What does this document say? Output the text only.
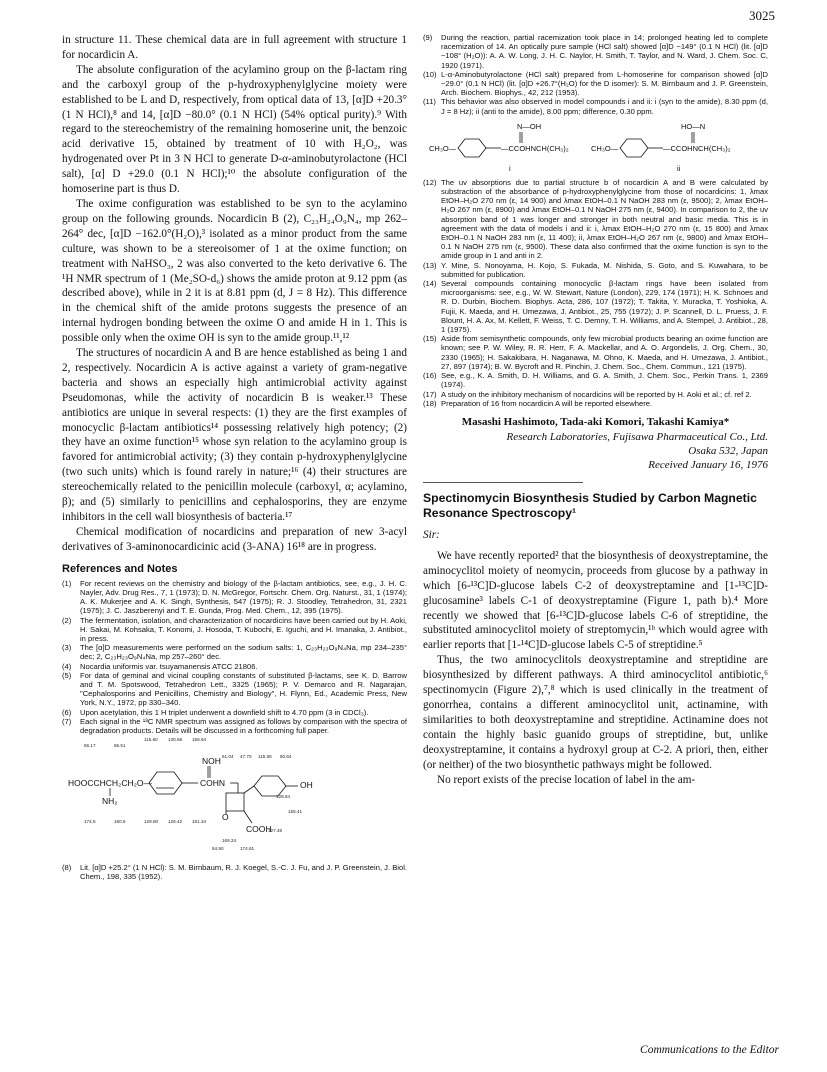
3025

in structure 11. These chemical data are in full agreement with structure 1 for nocardicin A.

The absolute configuration of the acylamino group on the β-lactam ring and the carboxyl group of the p-hydroxyphenylglycine moiety were established to be L and D, respectively, from optical data of 13, [α]D +20.3° (1 N HCl),⁸ and 14, [α]D −80.0° (0.1 N HCl) (54% optical purity).⁹ With regard to the stereochemistry of the remaining homoserine unit, the benzoic acid derivative 15, obtained by treatment of 10 with H₂O₂, was hydrogenated over Pt in 3 N HCl to generate D-α-aminobutyrolactone (HCl salt), [α] D +29.0 (0.1 N HCl);¹⁰ the absolute configuration of the homoserine part is thus D.

The oxime configuration was established to be syn to the acylamino group on the following grounds. Nocardicin B (2), C₂₃H₂₄O₉N₄, mp 262–264° dec, [α]D −162.0°(H₂O),³ isolated as a minor product from the same culture, was shown to be a stereoisomer of 1 at the oxime function; on treatment with NaHSO₃, 2 was also converted to the keto derivative 6. The ¹H NMR spectrum of 1 (Me₂SO-d₆) shows the amide proton at 9.12 ppm (as described above), while in 2 it is at 8.81 ppm (d, J = 8 Hz). This difference in the chemical shift of the amide protons suggests the presence of an internal hydrogen bonding between the oxime O and amide H in 1. This is possible only when the oxime OH is syn to the amide group.¹¹,¹²

The structures of nocardicin A and B are hence established as being 1 and 2, respectively. Nocardicin A is active against a variety of gram-negative bacteria and shows an especially high antimicrobial activity against Pseudomonas, while the activity of nocardicin B is weaker.¹³ These antibiotics are unique in several respects: (1) they are the first examples of monocyclic β-lactam antibiotics¹⁴ possessing relatively high potency; (2) they have an oxime function¹⁵ whose syn relation to the acylamino group is favored for antimicrobial activity; (3) they contain p-hydroxyphenylglycine (two such units) which is found rarely in nature;¹⁶ (4) their structures are stereochemically related to the penicillin molecule (carboxyl, α; acylamino, β); and (5) similarly to penicillins and cephalosporins, they are enzyme inhibitors in the cell wall biosynthesis of bacteria.¹⁷

Chemical modification of nocardicins and preparation of new 3-acyl derivatives of 3-aminonocardicinic acid (3-ANA) 16¹⁸ are in progress.

References and Notes
(1)	For recent reviews on the chemistry and biology of the β-lactam antibiotics, see, e.g., J. H. C. Nayler, Adv. Drug Res., 7, 1 (1973); D. N. McGregor, Fortschr. Chem. Org. Naturst., 31, 1 (1974); A. K. Mukerjee and A. K. Singh, Synthesis, 547 (1975); R. J. Stoodley, Tetrahedron, 31, 2321 (1975); J. C. Jaszberenyi and T. E. Gunda, Prog. Med. Chem., 12, 395 (1975).
(2)	The fermentation, isolation, and characterization of nocardicins have been carried out by H. Aoki, H. Sakai, M. Kohsaka, T. Konomi, J. Hosoda, T. Kubochi, E. Iguchi, and H. Imanaka, J. Antibiot., in press.
(3)	The [α]D measurements were performed on the sodium salts: 1, C₂₃H₂₃O₉N₄Na, mp 234–235° dec; 2, C₂₃H₂₃O₉N₄Na, mp 257–260° dec.
(4)	Nocardia uniformis var. tsuyamanensis ATCC 21806.
(5)	For data of geminal and vicinal coupling constants of substituted β-lactams, see K. D. Barrow and T. M. Spotswood, Tetrahedron Lett., 3325 (1965); P. V. Demarco and R. Nagarajan, "Cephalosporins and Penicillins, Chemistry and Biology", H. Flynn, Ed., Academic Press, New York, N.Y., 1972, pp 330–340.
(6)	Upon acetylation, this 1 H triplet underwent a downfield shift to 4.70 ppm (3 in CDCl₃).
(7)	Each signal in the ¹³C NMR spectrum was assigned as follows by comparison with the spectra of degradation products. Details will be discussed in a forthcoming full paper.
56.17	65.51
115.60 130.68 156.94
61.04 47.70 115.06 60.64
174.5	160.5	129.80 126.42 161.34
128.64
155.41
169.24
127.46
54.90	174.61
HOOCCHCH₂CH₂O—
NH₂
NOH
COHN	OH
O
COOH
(8)	Lit. [α]D +25.2° (1 N HCl): S. M. Birnbaum, R. J. Koegel, S.-C. J. Fu, and J. P. Greenstein, J. Biol. Chem., 198, 335 (1952).
(9)	During the reaction, partial racemization took place in 14; prolonged heating led to complete racemization of 14. An optically pure sample (HCl salt) showed [α]D −149° (0.1 N HCl) (lit. [α]D −108° (H₂O)): A. A. W. Long, J. H. C. Naylor, H. Smith, T. Taylor, and N. Ward, J. Chem. Soc. C, 1920 (1971).
(10) L-α-Aminobutyrolactone (HCl salt) prepared from L-homoserine for comparison showed [α]D −29.0° (0.1 N HCl) (lit. [α]D +26.7°(H₂O) for the D isomer): S. M. Birnbaum and J. P. Greenstein, Arch. Biochem. Biophys., 42, 212 (1953).
(11) This behavior was also observed in model compounds i and ii: i (syn to the amide), 8.30 ppm (d, J = 8 Hz); ii (anti to the amide), 8.00 ppm; difference, 0.30 ppm.
N—OH
CH₃O—	—CCOHNCH(CH₃)₂
i
HO—N
CH₃O—	—CCOHNCH(CH₃)₂
ii
(12) The uv absorptions due to partial structure b of nocardicin A and B were calculated by substraction of the absorbance of p-hydroxyphenylglycine from those of nocardicins: 1, λmax EtOH–H₂O 270 nm (ε, 14 900) and λmax EtOH–0.1 N NaOH 283 nm (ε, 9500); 2, λmax EtOH–H₂O 267 nm (ε, 8900) and λmax EtOH–0.1 N NaOH 275 nm (ε, 9400). In comparison to 2, the uv absorption band of 1 was longer and stronger in both neutral and basic media. This is in agreement with the data of models i and ii: i, λmax EtOH–H₂O 270 nm (ε, 15 800) and λmax EtOH–0.1 N NaOH 283 nm (ε, 11 400); ii, λmax EtOH–H₂O 267 nm (ε, 9800) and λmax EtOH–0.1 N NaOH 275 nm (ε, 9500). These data also confirmed that the oxime function is syn to the amide group in 1 and anti in 2.
(13) Y. Mine, S. Nonoyama, H. Kojo, S. Fukada, M. Nishida, S. Goto, and S. Kuwahara, to be submitted for publication.
(14) Several compounds containing monocyclic β-lactam rings have been isolated from microorganisms: see, e.g., W. W. Stewart, Nature (London), 229, 174 (1971); H. K. Schnoes and R. D. Durbin, Biochem. Biophys. Acta, 286, 107 (1972); T. Takita, Y. Muracka, T. Yoshioka, A. Fujii, K. Maeda, and H. Umezawa, J. Antibiot., 25, 755 (1972); J. P. Scannell, D. L. Pruess, J. F. Blount, H. A. Ax, M. Kellett, F. Weiss, T. C. Demny, T. H. Williams, and A. Stempel, J. Antibiot., 28, 1 (1975).
(15) Aside from semisynthetic compounds, only few microbial products bearing an oxime function are known; see P. W. Wiley, R. R. Herr, F. A. Mackellar, and A. O. Argondelis, J. Org. Chem., 30, 2330 (1965); H. Sakakibara, H. Naganawa, M. Ohno, K. Maeda, and H. Umezawa, J. Antibiot., 27, 897 (1974); B. W. Bycroft and R. Pinchin, J. Chem. Soc., Chem. Commun., 121 (1975).
(16) See, e.g., K. A. Smith, D. H. Williams, and G. A. Smith, J. Chem. Soc., Perkin Trans. 1, 2369 (1974).
(17) A study on the inhibitory mechanism of nocardicins will be reported by H. Aoki et al.; cf. ref 2.
(18) Preparation of 16 from nocardicin A will be reported elsewhere.
Masashi Hashimoto, Tada-aki Komori, Takashi Kamiya*

Research Laboratories, Fujisawa Pharmaceutical Co., Ltd.

Osaka 532, Japan

Received January 16, 1976

Spectinomycin Biosynthesis Studied by Carbon Magnetic Resonance Spectroscopy¹

Sir:

We have recently reported² that the biosynthesis of deoxystreptamine, the aminocyclitol moiety of neomycin, proceeds from glucose by a pathway in which [6-¹³C]D-glucose labels C-2 of deoxystreptamine and [1-¹³C]D-glucosamine³ labels C-1 of deoxystreptamine (Figure 1, path b).⁴ More recently we showed that [6-¹³C]D-glucose labels C-6 of streptidine, the substituted aminocyclitol moiety of streptomycin,¹ᵇ which would agree with earlier reports that [1-¹⁴C]D-glucose labels C-5 of streptidine.⁵

Thus, the two aminocyclitols deoxystreptamine and streptidine are biosynthesized by different pathways. A third aminocyclitol antibiotic,⁶ spectinomycin (Figure 2),⁷,⁸ which is used clinically in the treatment of gonorrhea, contains a different aminocyclitol unit, actinamine, with similarities to both deoxystreptamine and streptidine. Actinamine does not contain the highly basic guanido groups of streptidine, but, unlike deoxystreptamine, it contains a hydroxyl group at C-2. A priori, then, either (or neither) of the two biosynthetic pathways might be followed.

No report exists of the precise location of label in the am-

Communications to the Editor
